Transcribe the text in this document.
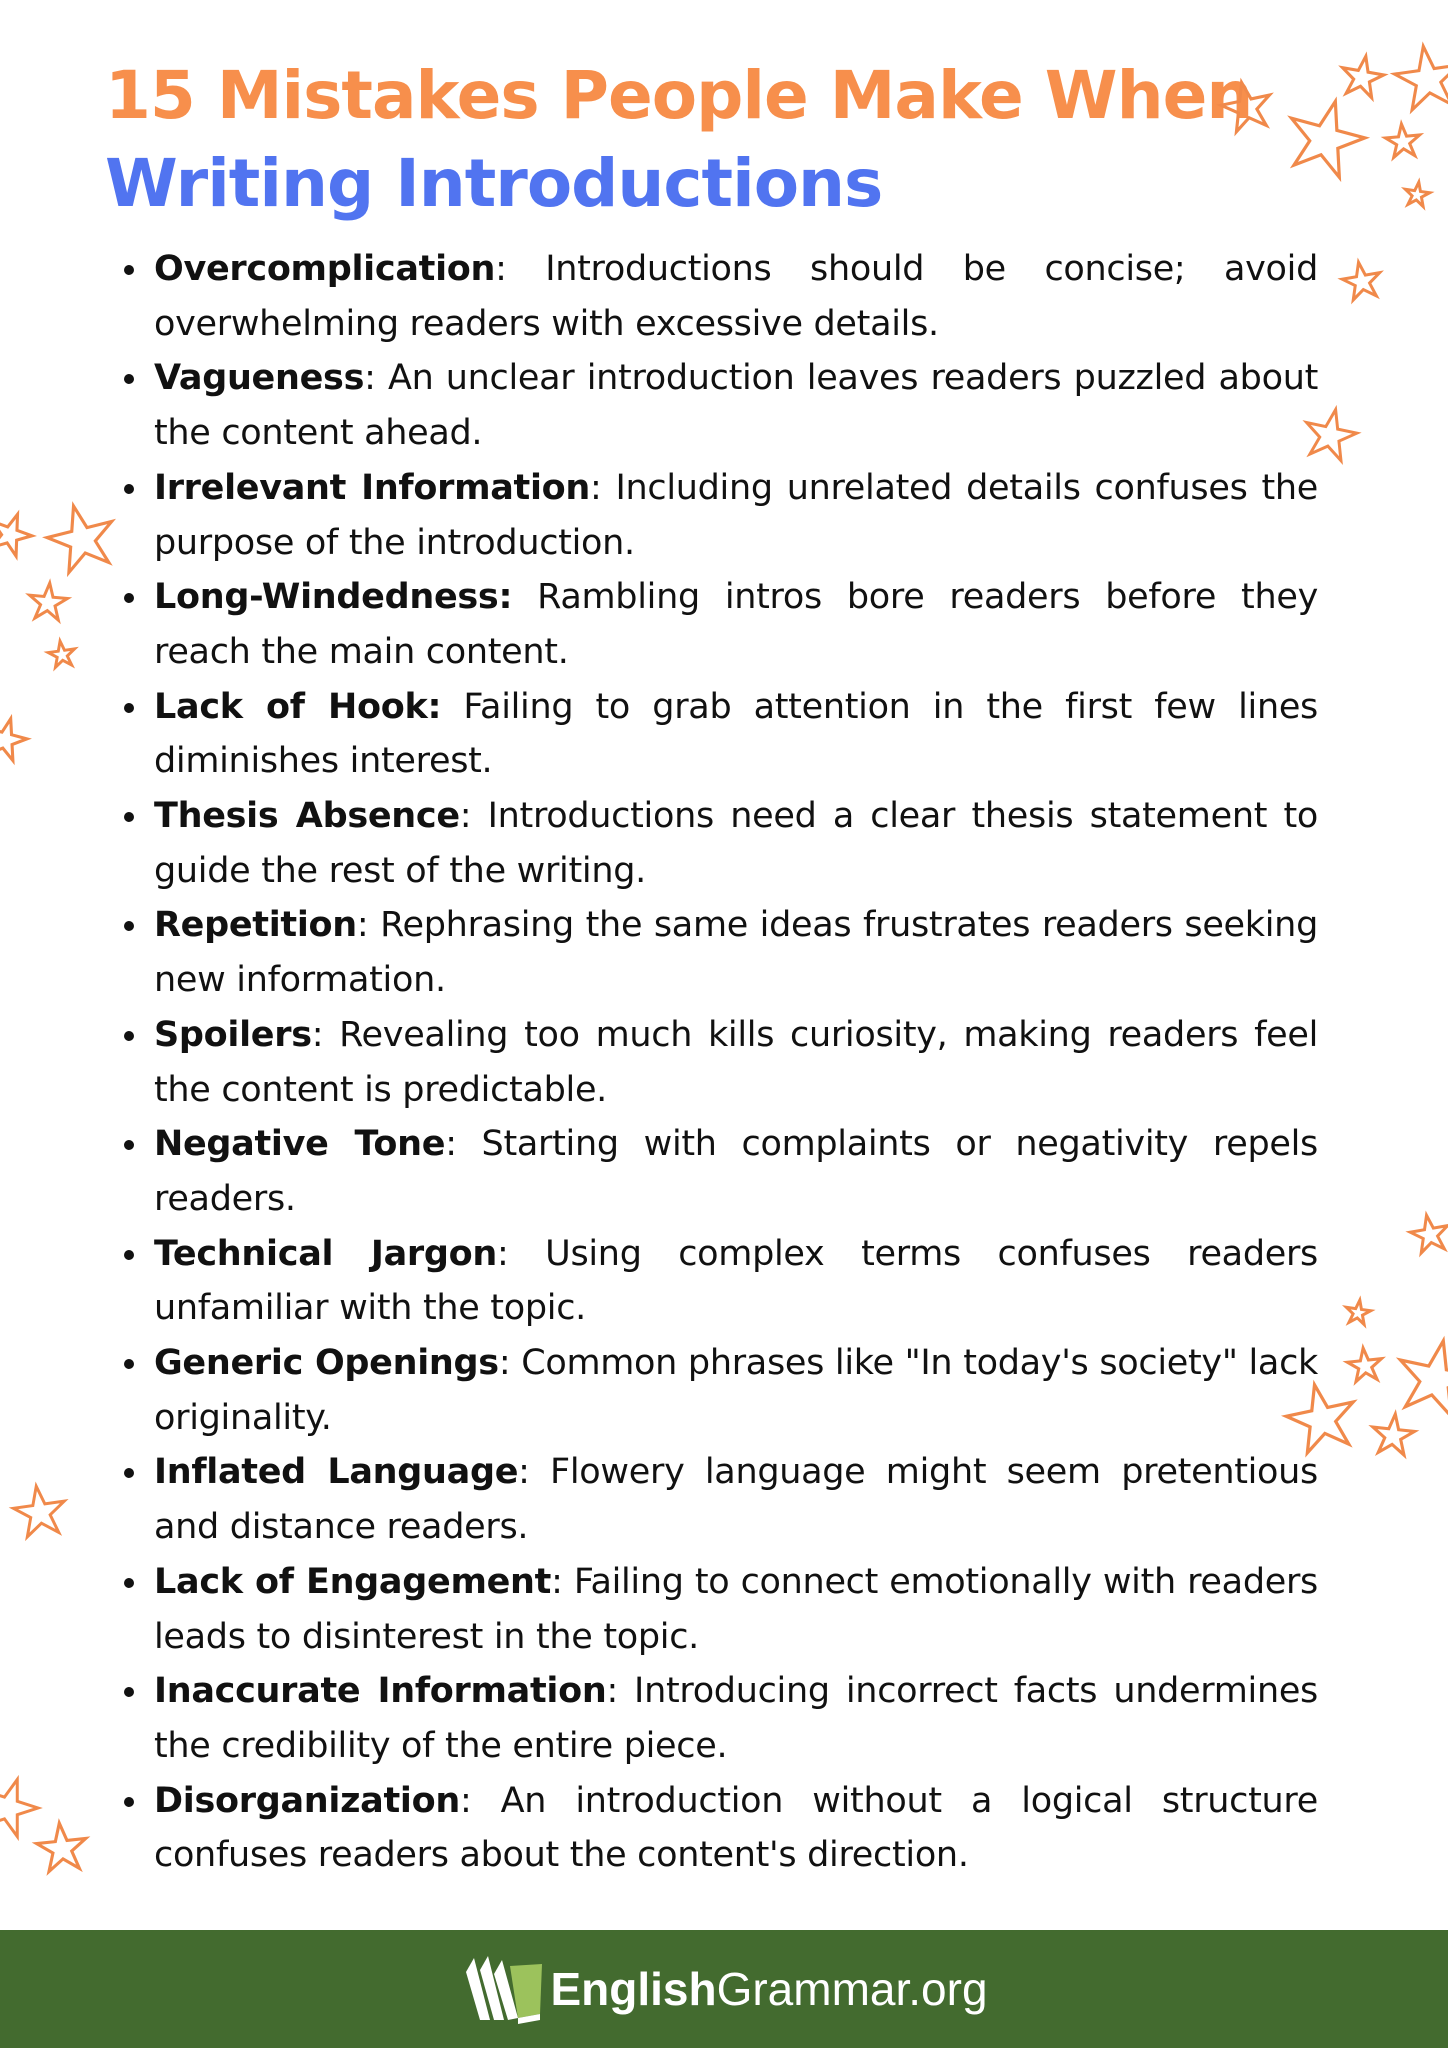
15 Mistakes People Make When
Writing Introductions
Overcomplication: Introductions should be concise; avoid overwhelming readers with excessive details.
Vagueness: An unclear introduction leaves readers puzzled about the content ahead.
Irrelevant Information: Including unrelated details confuses the purpose of the introduction.
Long-Windedness: Rambling intros bore readers before they reach the main content.
Lack of Hook: Failing to grab attention in the first few lines diminishes interest.
Thesis Absence: Introductions need a clear thesis statement to guide the rest of the writing.
Repetition: Rephrasing the same ideas frustrates readers seeking new information.
Spoilers: Revealing too much kills curiosity, making readers feel the content is predictable.
Negative Tone: Starting with complaints or negativity repels readers.
Technical Jargon: Using complex terms confuses readers unfamiliar with the topic.
Generic Openings: Common phrases like "In today's society" lack originality.
Inflated Language: Flowery language might seem pretentious and distance readers.
Lack of Engagement: Failing to connect emotionally with readers leads to disinterest in the topic.
Inaccurate Information: Introducing incorrect facts undermines the credibility of the entire piece.
Disorganization: An introduction without a logical structure confuses readers about the content's direction.
EnglishGrammar.org
